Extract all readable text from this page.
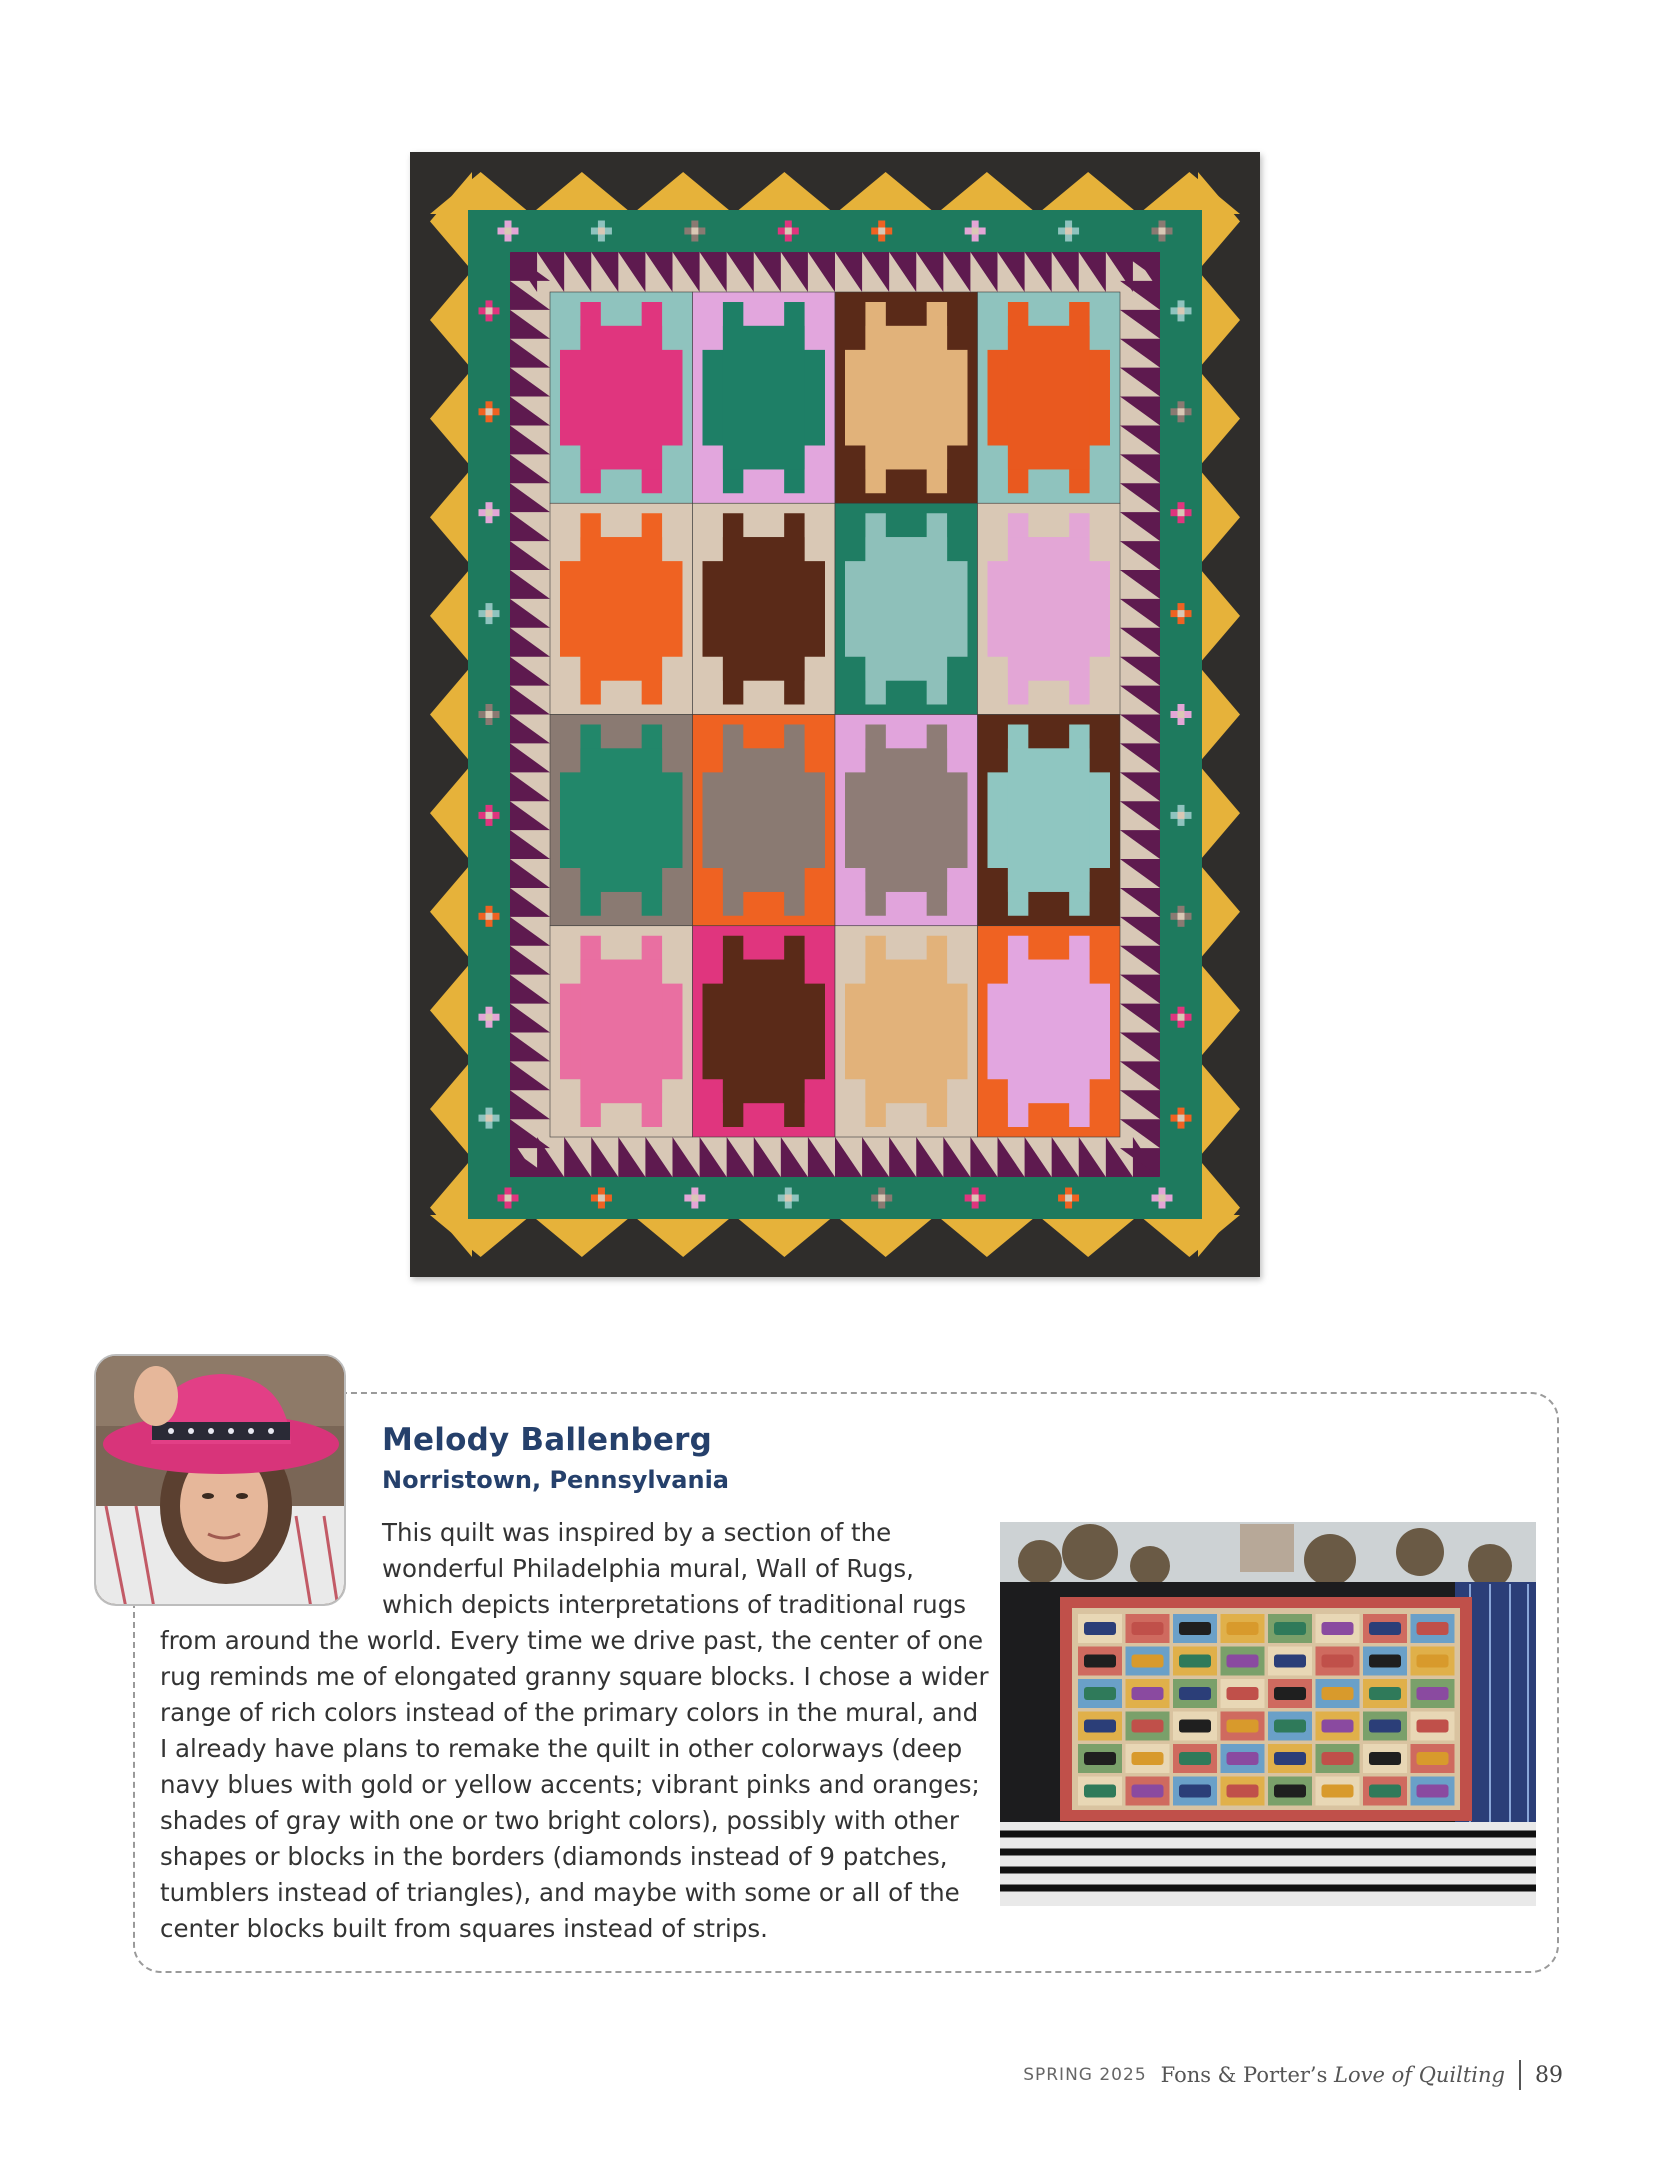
Melody Ballenberg
Norristown, Pennsylvania
This quilt was inspired by a section of the
wonderful Philadelphia mural, Wall of Rugs,
which depicts interpretations of traditional rugs
from around the world. Every time we drive past, the center of one
rug reminds me of elongated granny square blocks. I chose a wider
range of rich colors instead of the primary colors in the mural, and
I already have plans to remake the quilt in other colorways (deep
navy blues with gold or yellow accents; vibrant pinks and oranges;
shades of gray with one or two bright colors), possibly with other
shapes or blocks in the borders (diamonds instead of 9 patches,
tumblers instead of triangles), and maybe with some or all of the
center blocks built from squares instead of strips.
SPRING 2025 Fons & Porter’s Love of Quilting 89
